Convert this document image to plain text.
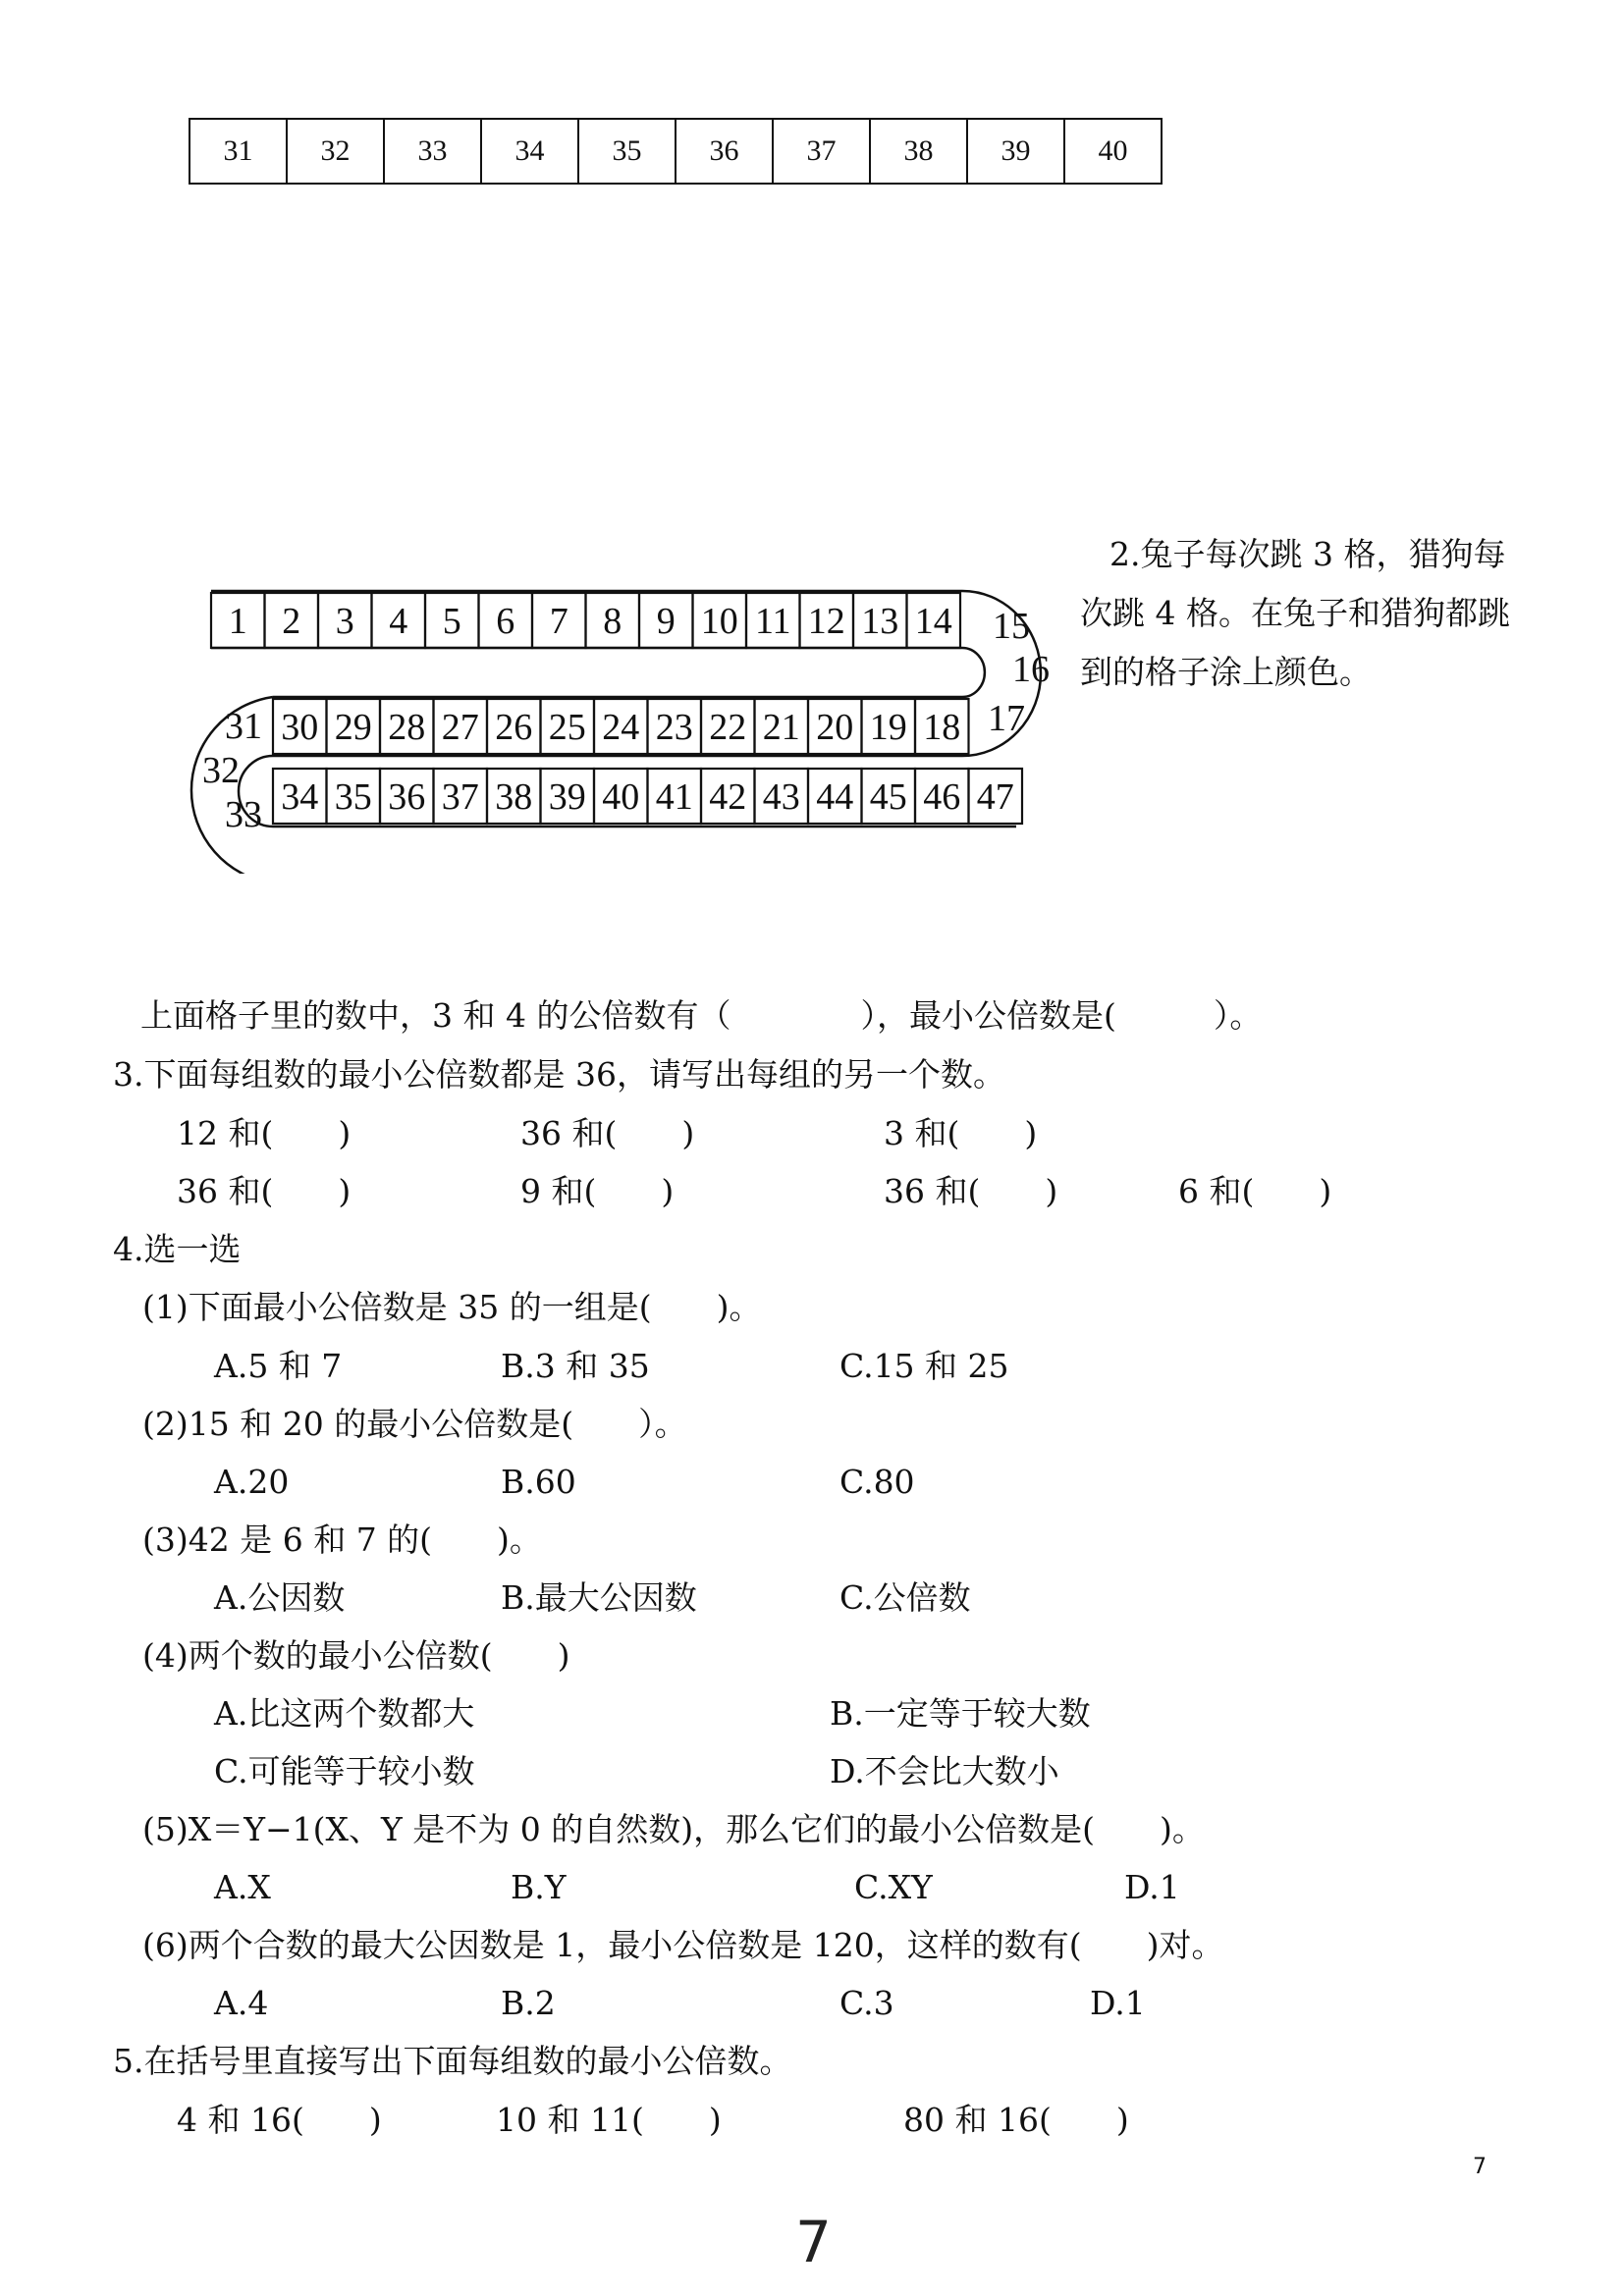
31	32	33	34	35	36	37	38	39	40
2.兔子每次跳 3 格，猎狗每
次跳 4 格。在兔子和猎狗都跳
到的格子涂上颜色。
1 2 3 4 5 6 7 8 9 10 11 12 13 14
30 29 28 27 26 25 24 23 22 21 20 19 18
34 35 36 37 38 39 40 41 42 43 44 45 46 47
15
16
17
31
32
33
上面格子里的数中，3 和 4 的公倍数有（　　　　），最小公倍数是(　　　）。
3.下面每组数的最小公倍数都是 36，请写出每组的另一个数。
12 和(　　)	36 和(　　)	3 和(　　)
36 和(　　)	9 和(　　)	36 和(　　)	6 和(　　)
4.选一选
(1)下面最小公倍数是 35 的一组是(　　)。
A.5 和 7	B.3 和 35	C.15 和 25
(2)15 和 20 的最小公倍数是(　　）。
A.20	B.60	C.80
(3)42 是 6 和 7 的(　　)。
A.公因数	B.最大公因数	C.公倍数
(4)两个数的最小公倍数(　　)
A.比这两个数都大	B.一定等于较大数
C.可能等于较小数	D.不会比大数小
(5)X＝Y−1(X、Y 是不为 0 的自然数)，那么它们的最小公倍数是(　　)。
A.X	B.Y	C.XY	D.1
(6)两个合数的最大公因数是 1，最小公倍数是 120，这样的数有(　　)对。
A.4	B.2	C.3	D.1
5.在括号里直接写出下面每组数的最小公倍数。
4 和 16(　　)	10 和 11(　　)	80 和 16(　　)
7
7
